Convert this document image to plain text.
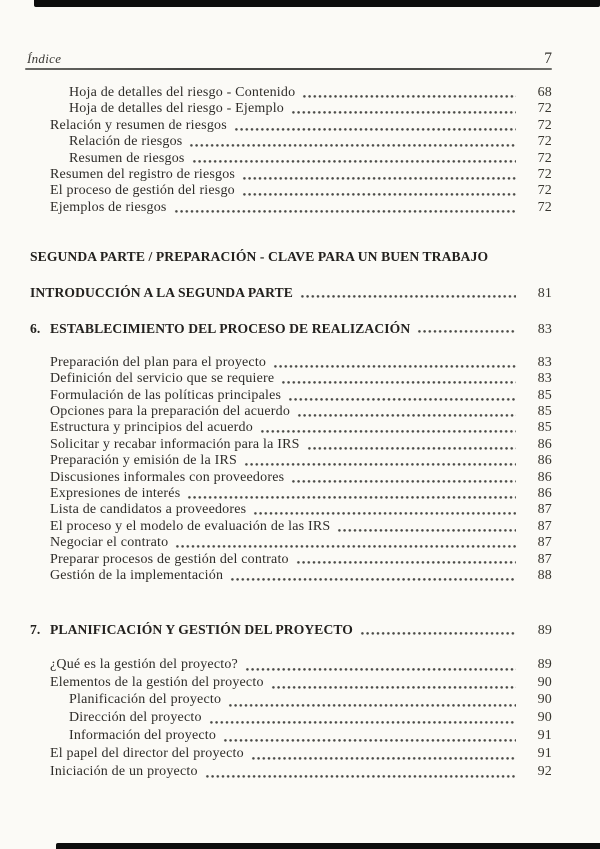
Índice	7
Hoja de detalles del riesgo - Contenido	68
Hoja de detalles del riesgo - Ejemplo	72
Relación y resumen de riesgos	72
Relación de riesgos	72
Resumen de riesgos	72
Resumen del registro de riesgos	72
El proceso de gestión del riesgo	72
Ejemplos de riesgos	72
SEGUNDA PARTE / PREPARACIÓN - CLAVE PARA UN BUEN TRABAJO
INTRODUCCIÓN A LA SEGUNDA PARTE	81
6. ESTABLECIMIENTO DEL PROCESO DE REALIZACIÓN	83
Preparación del plan para el proyecto	83
Definición del servicio que se requiere	83
Formulación de las políticas principales	85
Opciones para la preparación del acuerdo	85
Estructura y principios del acuerdo	85
Solicitar y recabar información para la IRS	86
Preparación y emisión de la IRS	86
Discusiones informales con proveedores	86
Expresiones de interés	86
Lista de candidatos a proveedores	87
El proceso y el modelo de evaluación de las IRS	87
Negociar el contrato	87
Preparar procesos de gestión del contrato	87
Gestión de la implementación	88
7. PLANIFICACIÓN Y GESTIÓN DEL PROYECTO	89
¿Qué es la gestión del proyecto?	89
Elementos de la gestión del proyecto	90
Planificación del proyecto	90
Dirección del proyecto	90
Información del proyecto	91
El papel del director del proyecto	91
Iniciación de un proyecto	92
